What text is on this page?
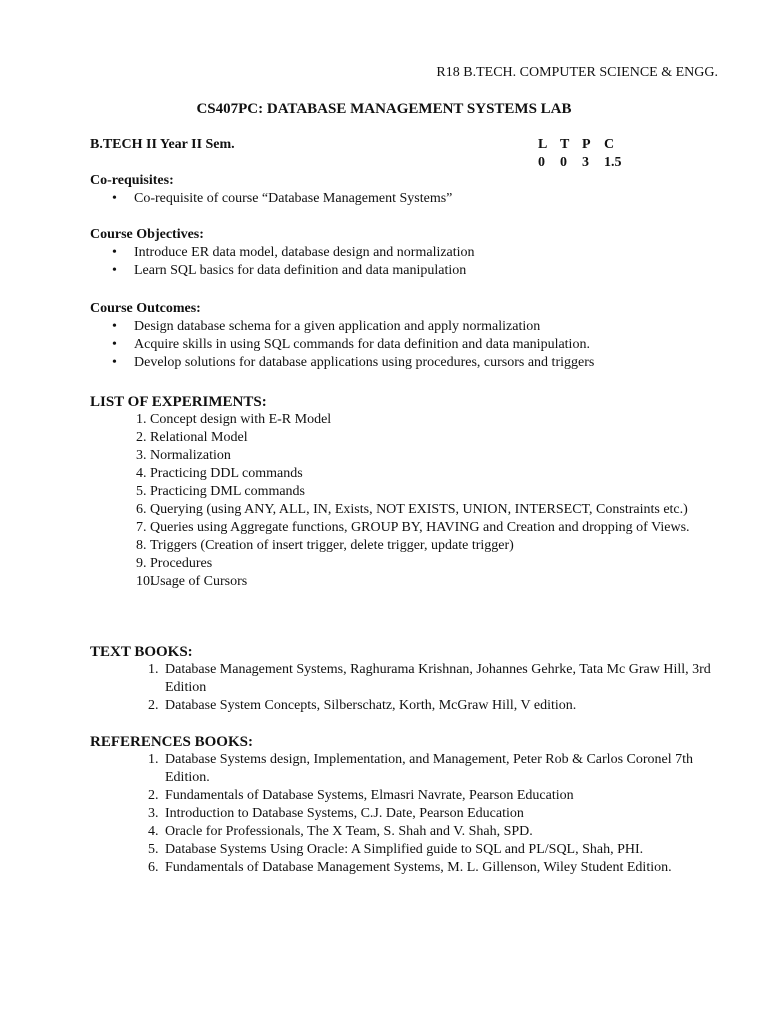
R18 B.TECH. COMPUTER SCIENCE & ENGG.
CS407PC: DATABASE MANAGEMENT SYSTEMS LAB
B.TECH II Year II Sem.	L T P C
0	0	3	1.5
Co-requisites:
• Co-requisite of course “Database Management Systems”
Course Objectives:
• Introduce ER data model, database design and normalization
• Learn SQL basics for data definition and data manipulation
Course Outcomes:
• Design database schema for a given application and apply normalization
• Acquire skills in using SQL commands for data definition and data manipulation.
• Develop solutions for database applications using procedures, cursors and triggers
LIST OF EXPERIMENTS:
1. Concept design with E-R Model
2. Relational Model
3. Normalization
4. Practicing DDL commands
5. Practicing DML commands
6. Querying (using ANY, ALL, IN, Exists, NOT EXISTS, UNION, INTERSECT, Constraints etc.)
7. Queries using Aggregate functions, GROUP BY, HAVING and Creation and dropping of Views.
8. Triggers (Creation of insert trigger, delete trigger, update trigger)
9. Procedures
10.
Usage of Cursors
TEXT BOOKS:
1. Database Management Systems, Raghurama Krishnan, Johannes Gehrke, Tata Mc Graw Hill, 3rd Edition
2. Database System Concepts, Silberschatz, Korth, McGraw Hill, V edition.
REFERENCES BOOKS:
1. Database Systems design, Implementation, and Management, Peter Rob & Carlos Coronel 7th Edition.
2. Fundamentals of Database Systems, Elmasri Navrate, Pearson Education
3. Introduction to Database Systems, C.J. Date, Pearson Education
4. Oracle for Professionals, The X Team, S. Shah and V. Shah, SPD.
5. Database Systems Using Oracle: A Simplified guide to SQL and PL/SQL, Shah, PHI.
6. Fundamentals of Database Management Systems, M. L. Gillenson, Wiley Student Edition.
